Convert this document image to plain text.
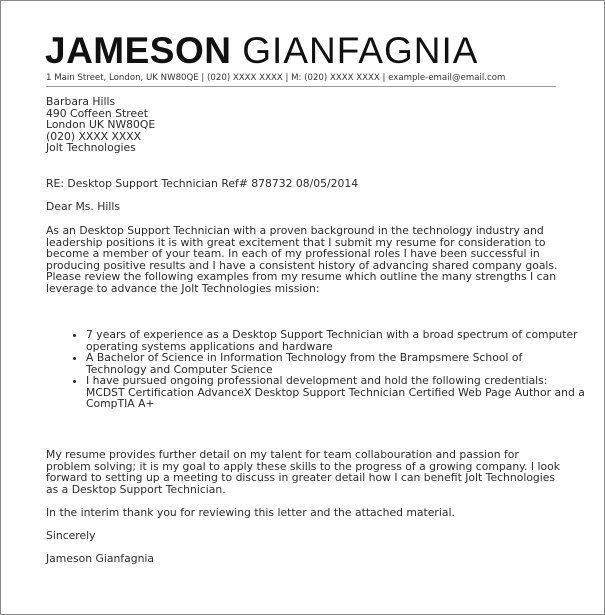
JAMESON GIANFAGNIA
1 Main Street, London, UK NW80QE | (020) XXXX XXXX | M: (020) XXXX XXXX | example-email@email.com
Barbara Hills
490 Coffeen Street
London UK NW80QE
(020) XXXX XXXX
Jolt Technologies
RE: Desktop Support Technician Ref# 878732 08/05/2014
Dear Ms. Hills
As an Desktop Support Technician with a proven background in the technology industry and leadership positions it is with great excitement that I submit my resume for consideration to become a member of your team. In each of my professional roles I have been successful in producing positive results and I have a consistent history of advancing shared company goals. Please review the following examples from my resume which outline the many strengths I can leverage to advance the Jolt Technologies mission:
• 7 years of experience as a Desktop Support Technician with a broad spectrum of computer operating systems applications and hardware
• A Bachelor of Science in Information Technology from the Brampsmere School of Technology and Computer Science
• I have pursued ongoing professional development and hold the following credentials: MCDST Certification AdvanceX Desktop Support Technician Certified Web Page Author and a CompTIA A+
My resume provides further detail on my talent for team collabouration and passion for problem solving; it is my goal to apply these skills to the progress of a growing company. I look forward to setting up a meeting to discuss in greater detail how I can benefit Jolt Technologies as a Desktop Support Technician.
In the interim thank you for reviewing this letter and the attached material.
Sincerely
Jameson Gianfagnia
